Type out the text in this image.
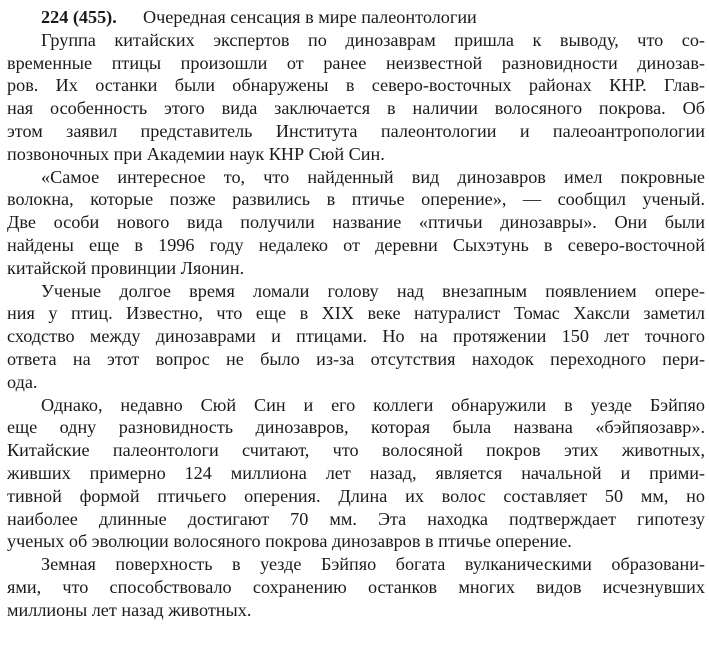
224 (455). Очередная сенсация в мире палеонтологии
Группа китайских экспертов по динозаврам пришла к выводу, что со-
временные птицы произошли от ранее неизвестной разновидности динозав-
ров. Их останки были обнаружены в северо-восточных районах КНР. Глав-
ная особенность этого вида заключается в наличии волосяного покрова. Об
этом заявил представитель Института палеонтологии и палеоантропологии
позвоночных при Академии наук КНР Сюй Син.
«Самое интересное то, что найденный вид динозавров имел покровные
волокна, которые позже развились в птичье оперение», — сообщил ученый.
Две особи нового вида получили название «птичьи динозавры». Они были
найдены еще в 1996 году недалеко от деревни Сыхэтунь в северо-восточной
китайской провинции Ляонин.
Ученые долгое время ломали голову над внезапным появлением опере-
ния у птиц. Известно, что еще в XIX веке натуралист Томас Хаксли заметил
сходство между динозаврами и птицами. Но на протяжении 150 лет точного
ответа на этот вопрос не было из-за отсутствия находок переходного пери-
ода.
Однако, недавно Сюй Син и его коллеги обнаружили в уезде Бэйпяо
еще одну разновидность динозавров, которая была названа «бэйпяозавр».
Китайские палеонтологи считают, что волосяной покров этих животных,
живших примерно 124 миллиона лет назад, является начальной и прими-
тивной формой птичьего оперения. Длина их волос составляет 50 мм, но
наиболее длинные достигают 70 мм. Эта находка подтверждает гипотезу
ученых об эволюции волосяного покрова динозавров в птичье оперение.
Земная поверхность в уезде Бэйпяо богата вулканическими образовани-
ями, что способствовало сохранению останков многих видов исчезнувших
миллионы лет назад животных.
